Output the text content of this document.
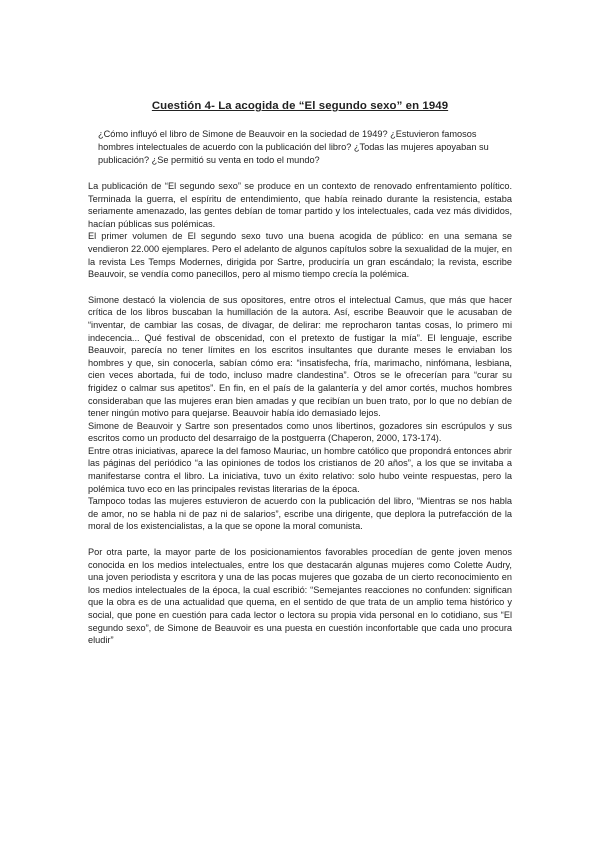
Cuestión 4- La acogida de “El segundo sexo” en 1949

¿Cómo influyó el libro de Simone de Beauvoir en la sociedad de 1949? ¿Estuvieron famosos hombres intelectuales de acuerdo con la publicación del libro? ¿Todas las mujeres apoyaban su publicación? ¿Se permitió su venta en todo el mundo?

La publicación de “El segundo sexo” se produce en un contexto de renovado enfrentamiento político. Terminada la guerra, el espíritu de entendimiento, que había reinado durante la resistencia, estaba seriamente amenazado, las gentes debían de tomar partido y los intelectuales, cada vez más divididos, hacían públicas sus polémicas.

El primer volumen de El segundo sexo tuvo una buena acogida de público: en una semana se vendieron 22.000 ejemplares. Pero el adelanto de algunos capítulos sobre la sexualidad de la mujer, en la revista Les Temps Modernes, dirigida por Sartre, produciría un gran escándalo; la revista, escribe Beauvoir, se vendía como panecillos, pero al mismo tiempo crecía la polémica.

Simone destacó la violencia de sus opositores, entre otros el intelectual Camus, que más que hacer crítica de los libros buscaban la humillación de la autora. Así, escribe Beauvoir que le acusaban de “inventar, de cambiar las cosas, de divagar, de delirar: me reprocharon tantas cosas, lo primero mi indecencia... Qué festival de obscenidad, con el pretexto de fustigar la mía”. El lenguaje, escribe Beauvoir, parecía no tener límites en los escritos insultantes que durante meses le enviaban los hombres y que, sin conocerla, sabían cómo era: “insatisfecha, fría, marimacho, ninfómana, lesbiana, cien veces abortada, fui de todo, incluso madre clandestina”. Otros se le ofrecerían para “curar su frigidez o calmar sus apetitos”. En fin, en el país de la galantería y del amor cortés, muchos hombres consideraban que las mujeres eran bien amadas y que recibían un buen trato, por lo que no debían de tener ningún motivo para quejarse. Beauvoir había ido demasiado lejos.

Simone de Beauvoir y Sartre son presentados como unos libertinos, gozadores sin escrúpulos y sus escritos como un producto del desarraigo de la postguerra (Chaperon, 2000, 173-174).

Entre otras iniciativas, aparece la del famoso Mauriac, un hombre católico que propondrá entonces abrir las páginas del periódico “a las opiniones de todos los cristianos de 20 años”, a los que se invitaba a manifestarse contra el libro. La iniciativa, tuvo un éxito relativo: solo hubo veinte respuestas, pero la polémica tuvo eco en las principales revistas literarias de la época.

Tampoco todas las mujeres estuvieron de acuerdo con la publicación del libro, “Mientras se nos habla de amor, no se habla ni de paz ni de salarios”, escribe una dirigente, que deplora la putrefacción de la moral de los existencialistas, a la que se opone la moral comunista.

Por otra parte, la mayor parte de los posicionamientos favorables procedían de gente joven menos conocida en los medios intelectuales, entre los que destacarán algunas mujeres como Colette Audry, una joven periodista y escritora y una de las pocas mujeres que gozaba de un cierto reconocimiento en los medios intelectuales de la época, la cual escribió: “Semejantes reacciones no confunden: significan que la obra es de una actualidad que quema, en el sentido de que trata de un amplio tema histórico y social, que pone en cuestión para cada lector o lectora su propia vida personal en lo cotidiano, sus “El segundo sexo”, de Simone de Beauvoir es una puesta en cuestión inconfortable que cada uno procura eludir”
